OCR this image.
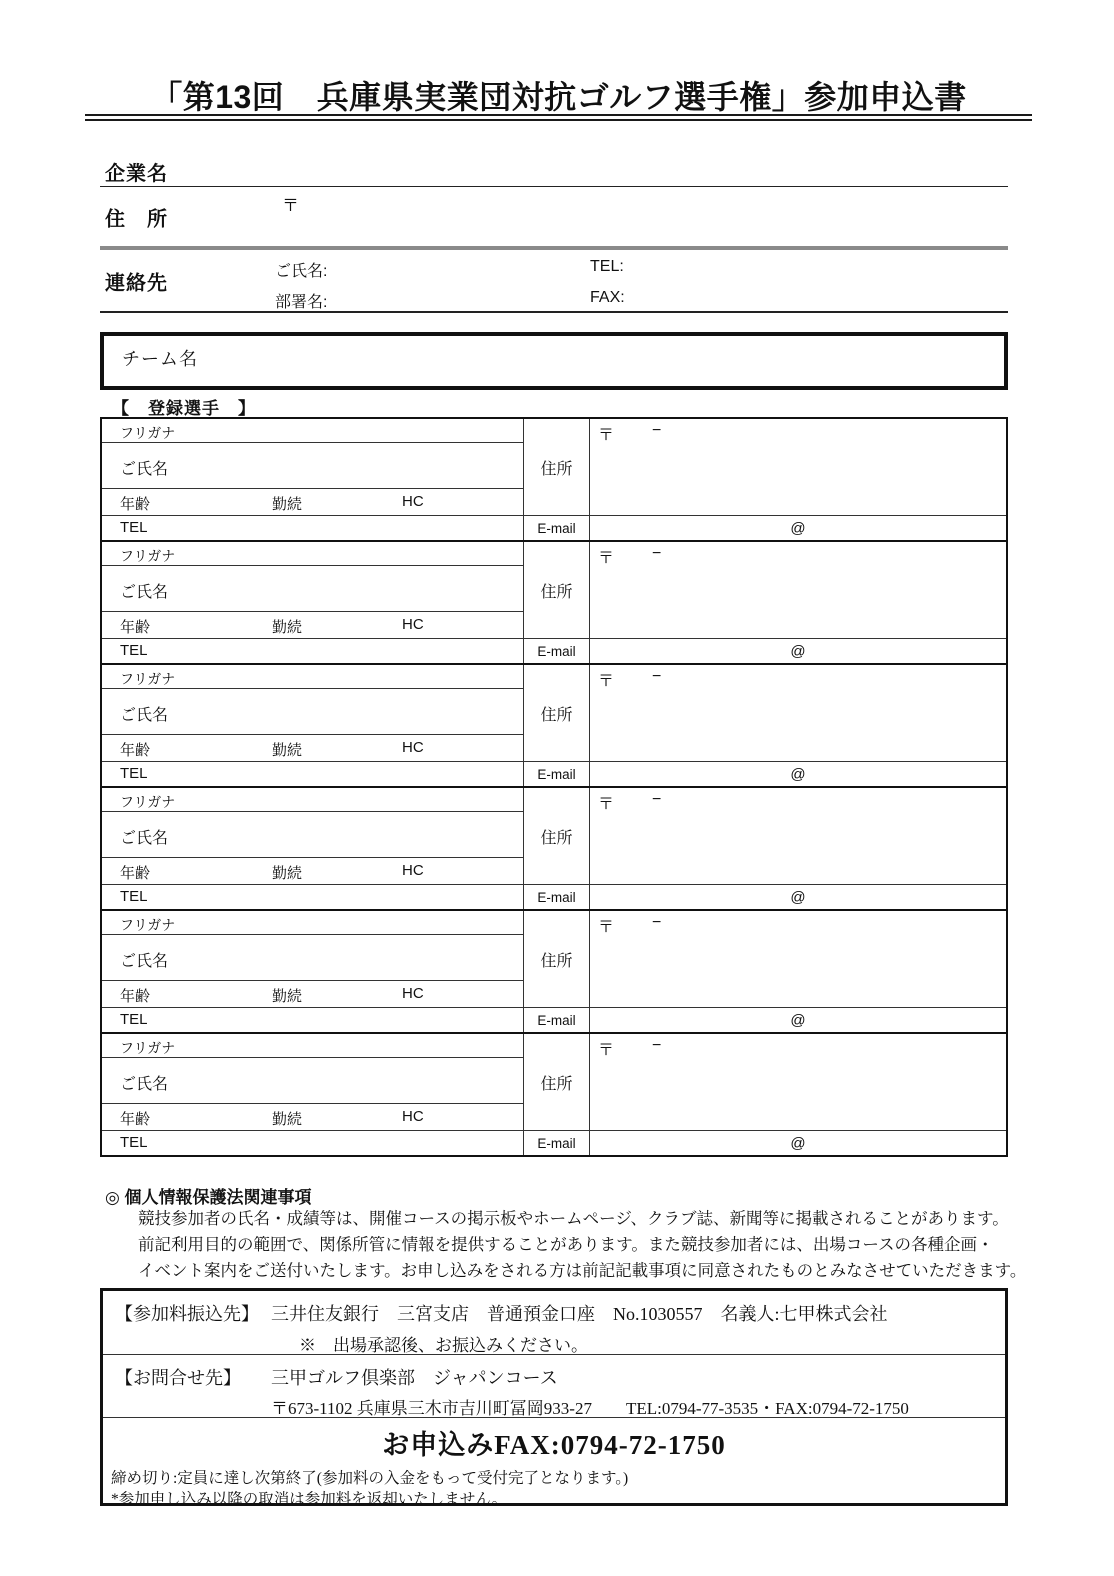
「第13回　兵庫県実業団対抗ゴルフ選手権」参加申込書
企業名
住　所
〒
連絡先
ご氏名:	TEL:
部署名:	FAX:
チーム名
【　登録選手　】
フリガナ
ご氏名
年齢	勤続	HC
TEL
住所
〒 −
E-mail	@
フリガナ
ご氏名
年齢	勤続	HC
TEL
住所
〒 −
E-mail	@
フリガナ
ご氏名
年齢	勤続	HC
TEL
住所
〒 −
E-mail	@
フリガナ
ご氏名
年齢	勤続	HC
TEL
住所
〒 −
E-mail	@
フリガナ
ご氏名
年齢	勤続	HC
TEL
住所
〒 −
E-mail	@
フリガナ
ご氏名
年齢	勤続	HC
TEL
住所
〒 −
E-mail	@
◎ 個人情報保護法関連事項
競技参加者の氏名・成績等は、開催コースの掲示板やホームページ、クラブ誌、新聞等に掲載されることがあります。
前記利用目的の範囲で、関係所管に情報を提供することがあります。また競技参加者には、出場コースの各種企画・
イベント案内をご送付いたします。お申し込みをされる方は前記記載事項に同意されたものとみなさせていただきます。
【参加料振込先】 三井住友銀行　三宮支店　普通預金口座　No.1030557　名義人:七甲株式会社
※　出場承認後、お振込みください。
【お問合せ先】 三甲ゴルフ倶楽部　ジャパンコース
〒673-1102 兵庫県三木市吉川町冨岡933-27　　TEL:0794-77-3535・FAX:0794-72-1750
お申込みFAX:0794-72-1750
締め切り:定員に達し次第終了(参加料の入金をもって受付完了となります。)
*参加申し込み以降の取消は参加料を返却いたしません。
